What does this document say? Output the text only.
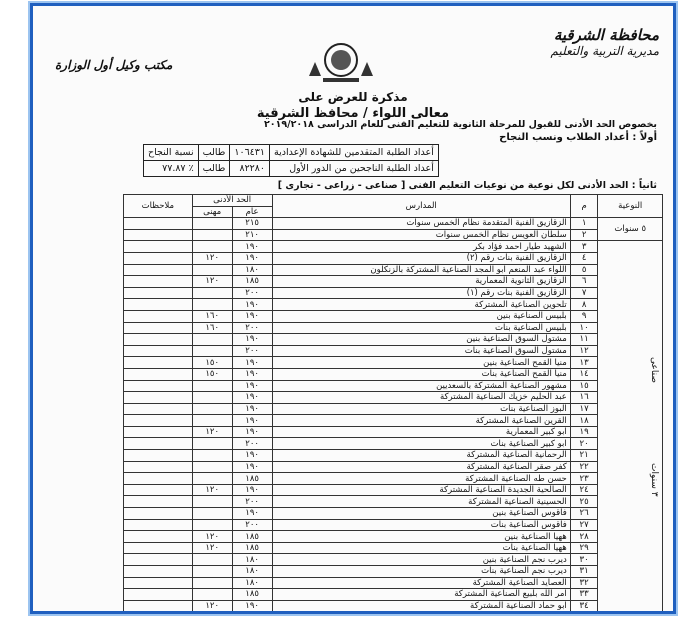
محافظة الشرقية
مديرية التربية والتعليم
مكتب وكيل أول الوزارة
مذكرة للعرض على
معالى اللواء / محافظ الشرقية
بخصوص الحد الأدنى للقبول للمرحلة الثانوية للتعليم الفنى للعام الدراسى ٢٠١٩/٢٠١٨
أولاً : أعداد الطلاب ونسب النجاح
أعداد الطلبة المتقدمين للشهادة الإعدادية	١٠٦٤٣١	طالب	نسبة النجاح
أعداد الطلبة الناجحين من الدور الأول	٨٢٢٨٠	طالب	٪ ٧٧.٨٧
ثانياً : الحد الأدنى لكل نوعية من نوعيات التعليم الفنى [ صناعى - زراعى - تجارى ]
النوعية	م	المدارس	الحد الأدنى		ملاحظات
			عام	مهنى	
٥ سنوات	١	الزقازيق الفنية المتقدمة نظام الخمس سنوات	٢١٥		
	٢	سلطان العويس نظام الخمس سنوات	٢١٠		

صناعى
٣ سنوات	٣	الشهيد طيار احمد فؤاد بكر	١٩٠		
	٤	الزقازيق الفنية بنات رقم (٢)	١٩٠	١٢٠	
	٥	اللواء عبد المنعم ابو المجد الصناعية المشتركة بالزنكلون	١٨٠		
	٦	الزقازيق الثانوية المعمارية	١٨٥	١٢٠	
	٧	الزقازيق الفنية بنات رقم (١)	٢٠٠		
	٨	تلحوين الصناعية المشتركة	١٩٠		
	٩	بلبيس الصناعية بنين	١٩٠	١٦٠	
	١٠	بلبيس الصناعية بنات	٢٠٠	١٦٠	
	١١	مشتول السوق الصناعية بنين	١٩٠		
	١٢	مشتول السوق الصناعية بنات	٢٠٠		
	١٣	منيا القمح الصناعية بنين	١٩٠	١٥٠	
	١٤	منيا القمح الصناعية بنات	١٩٠	١٥٠	
	١٥	مشهور الصناعية المشتركة بالسعديين	١٩٠		
	١٦	عبد الحليم خزيك الصناعية المشتركة	١٩٠		
	١٧	البوز الصناعية بنات	١٩٠		
	١٨	القرين الصناعية المشتركة	١٩٠		
	١٩	ابو كبير المعمارية	١٩٠	١٢٠	
	٢٠	ابو كبير الصناعية بنات	٢٠٠		
	٢١	الرحمانية الصناعية المشتركة	١٩٠		
	٢٢	كفر صقر الصناعية المشتركة	١٩٠		
	٢٣	حسن طه الصناعية المشتركة	١٨٥		
	٢٤	الصالحية الجديدة الصناعية المشتركة	١٩٠	١٢٠	
	٢٥	الحسينية الصناعية المشتركة	٢٠٠		
	٢٦	فاقوس الصناعية بنين	١٩٠		
	٢٧	فاقوس الصناعية بنات	٢٠٠		
	٢٨	ههيا الصناعية بنين	١٨٥	١٢٠	
	٢٩	ههيا الصناعية بنات	١٨٥	١٢٠	
	٣٠	ديرب نجم الصناعية بنين	١٨٠		
	٣١	ديرب نجم الصناعية بنات	١٨٠		
	٣٢	العصايد الصناعية المشتركة	١٨٠		
	٣٣	امر الله بلبيع الصناعية المشتركة	١٨٥		
	٣٤	ابو حماد الصناعية المشتركة	١٩٠	١٢٠	
